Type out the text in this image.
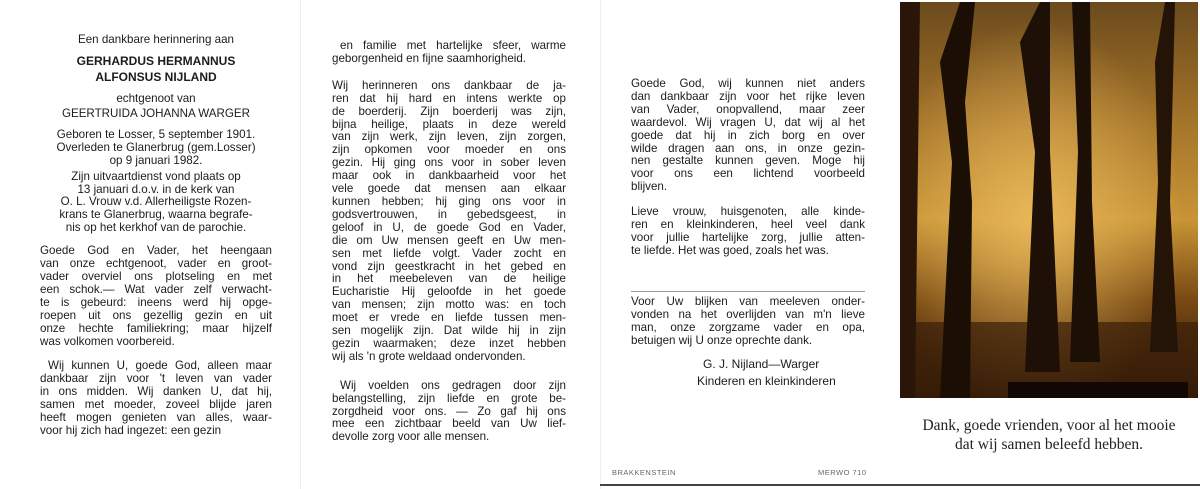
Een dankbare herinnering aan
GERHARDUS HERMANNUS
ALFONSUS NIJLAND
echtgenoot van
GEERTRUIDA JOHANNA WARGER
Geboren te Losser, 5 september 1901.
Overleden te Glanerbrug (gem.Losser)
op 9 januari 1982.
Zijn uitvaartdienst vond plaats op
13 januari d.o.v. in de kerk van
O. L. Vrouw v.d. Allerheiligste Rozen-
krans te Glanerbrug, waarna begrafe-
nis op het kerkhof van de parochie.
Goede God en Vader, het heengaan
van onze echtgenoot, vader en groot-
vader overviel ons plotseling en met
een schok.— Wat vader zelf verwacht-
te is gebeurd: ineens werd hij opge-
roepen uit ons gezellig gezin en uit
onze hechte familiekring; maar hijzelf
was volkomen voorbereid.
Wij kunnen U, goede God, alleen maar
dankbaar zijn voor 't leven van vader
in ons midden. Wij danken U, dat hij,
samen met moeder, zoveel blijde jaren
heeft mogen genieten van alles, waar-
voor hij zich had ingezet: een gezin
en familie met hartelijke sfeer, warme
geborgenheid en fijne saamhorigheid.
Wij herinneren ons dankbaar de ja-
ren dat hij hard en intens werkte op
de boerderij. Zijn boerderij was zijn,
bijna heilige, plaats in deze wereld
van zijn werk, zijn leven, zijn zorgen,
zijn opkomen voor moeder en ons
gezin. Hij ging ons voor in sober leven
maar ook in dankbaarheid voor het
vele goede dat mensen aan elkaar
kunnen hebben; hij ging ons voor in
godsvertrouwen, in gebedsgeest, in
geloof in U, de goede God en Vader,
die om Uw mensen geeft en Uw men-
sen met liefde volgt. Vader zocht en
vond zijn geestkracht in het gebed en
in het meebeleven van de heilige
Eucharistie Hij geloofde in het goede
van mensen; zijn motto was: en toch
moet er vrede en liefde tussen men-
sen mogelijk zijn. Dat wilde hij in zijn
gezin waarmaken; deze inzet hebben
wij als 'n grote weldaad ondervonden.
Wij voelden ons gedragen door zijn
belangstelling, zijn liefde en grote be-
zorgdheid voor ons. — Zo gaf hij ons
mee een zichtbaar beeld van Uw lief-
devolle zorg voor alle mensen.
Goede God, wij kunnen niet anders
dan dankbaar zijn voor het rijke leven
van Vader, onopvallend, maar zeer
waardevol. Wij vragen U, dat wij al het
goede dat hij in zich borg en over
wilde dragen aan ons, in onze gezin-
nen gestalte kunnen geven. Moge hij
voor ons een lichtend voorbeeld
blijven.
Lieve vrouw, huisgenoten, alle kinde-
ren en kleinkinderen, heel veel dank
voor jullie hartelijke zorg, jullie atten-
te liefde. Het was goed, zoals het was.
Voor Uw blijken van meeleven onder-
vonden na het overlijden van m'n lieve
man, onze zorgzame vader en opa,
betuigen wij U onze oprechte dank.
G. J. Nijland—Warger
Kinderen en kleinkinderen
Dank, goede vrienden, voor al het mooie
dat wij samen beleefd hebben.
BRAKKENSTEIN	MERWO 710
